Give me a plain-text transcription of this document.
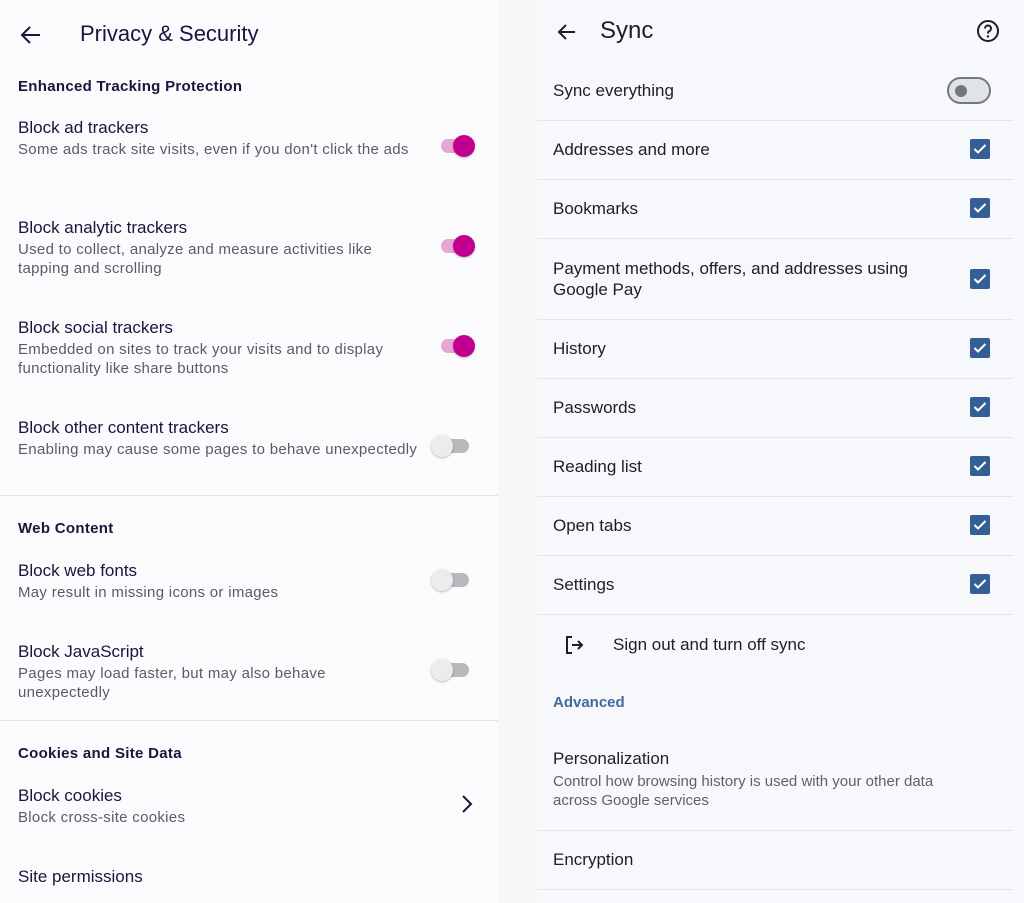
Privacy & Security
Enhanced Tracking Protection
Block ad trackers
Some ads track site visits, even if you don't click the ads
Block analytic trackers
Used to collect, analyze and measure activities like tapping and scrolling
Block social trackers
Embedded on sites to track your visits and to display functionality like share buttons
Block other content trackers
Enabling may cause some pages to behave unexpectedly
Web Content
Block web fonts
May result in missing icons or images
Block JavaScript
Pages may load faster, but may also behave unexpectedly
Cookies and Site Data
Block cookies
Block cross-site cookies
Site permissions
Sync
Sync everything
Addresses and more
Bookmarks
Payment methods, offers, and addresses using Google Pay
History
Passwords
Reading list
Open tabs
Settings
Sign out and turn off sync
Advanced
Personalization
Control how browsing history is used with your other data across Google services
Encryption
